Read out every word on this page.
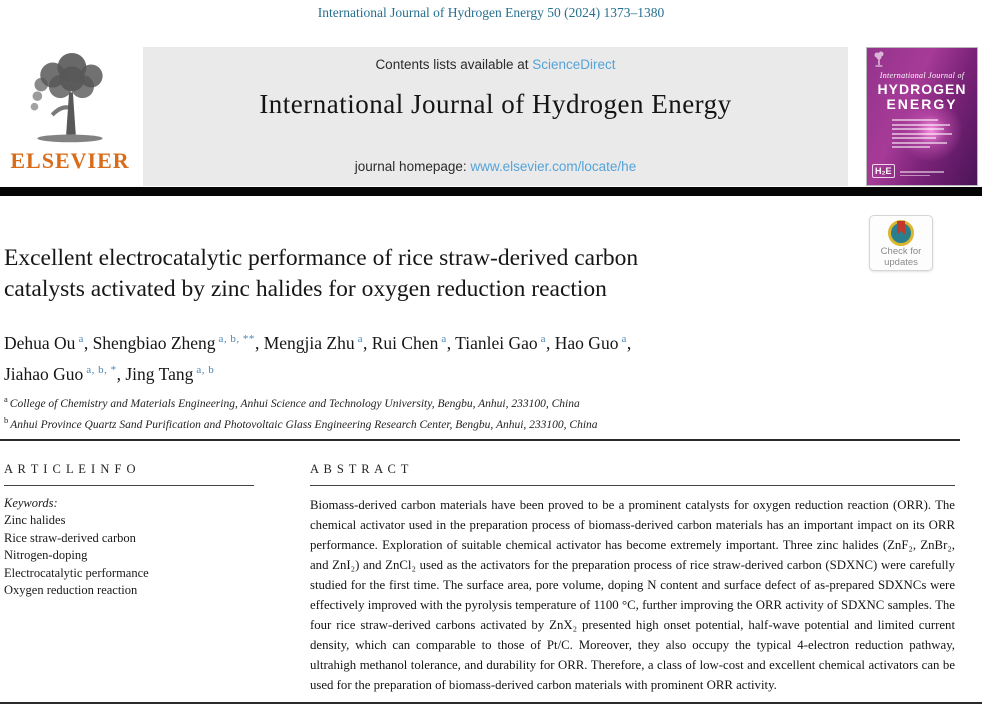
International Journal of Hydrogen Energy 50 (2024) 1373–1380
ELSEVIER
Contents lists available at ScienceDirect
International Journal of Hydrogen Energy
journal homepage: www.elsevier.com/locate/he
International Journal of
HYDROGEN
ENERGY
H₂E
Check for
updates
Excellent electrocatalytic performance of rice straw-derived carbon
catalysts activated by zinc halides for oxygen reduction reaction
Dehua Ou $^a$, Shengbiao Zheng $^{a, b, **}$, Mengjia Zhu $^a$, Rui Chen $^a$, Tianlei Gao $^a$, Hao Guo $^a$,
Jiahao Guo $^{a, b, *}$, Jing Tang $^{a, b}$
$^a$ College of Chemistry and Materials Engineering, Anhui Science and Technology University, Bengbu, Anhui, 233100, China
$^b$ Anhui Province Quartz Sand Purification and Photovoltaic Glass Engineering Research Center, Bengbu, Anhui, 233100, China
A R T I C L E I N F O
Keywords:
Zinc halides
Rice straw-derived carbon
Nitrogen-doping
Electrocatalytic performance
Oxygen reduction reaction
A B S T R A C T
Biomass-derived carbon materials have been proved to be a prominent catalysts for oxygen reduction reaction (ORR). The chemical activator used in the preparation process of biomass-derived carbon materials has an important impact on its ORR performance. Exploration of suitable chemical activator has become extremely important. Three zinc halides (ZnF₂, ZnBr₂, and ZnI₂) and ZnCl₂ used as the activators for the preparation process of rice straw-derived carbon (SDXNC) were carefully studied for the first time. The surface area, pore volume, doping N content and surface defect of as-prepared SDXNCs were effectively improved with the pyrolysis temperature of 1100 °C, further improving the ORR activity of SDXNC samples. The four rice straw-derived carbons activated by ZnX₂ presented high onset potential, half-wave potential and limited current density, which can comparable to those of Pt/C. Moreover, they also occupy the typical 4-electron reduction pathway, ultrahigh methanol tolerance, and durability for ORR. Therefore, a class of low-cost and excellent chemical activators can be used for the preparation of biomass-derived carbon materials with prominent ORR activity.
